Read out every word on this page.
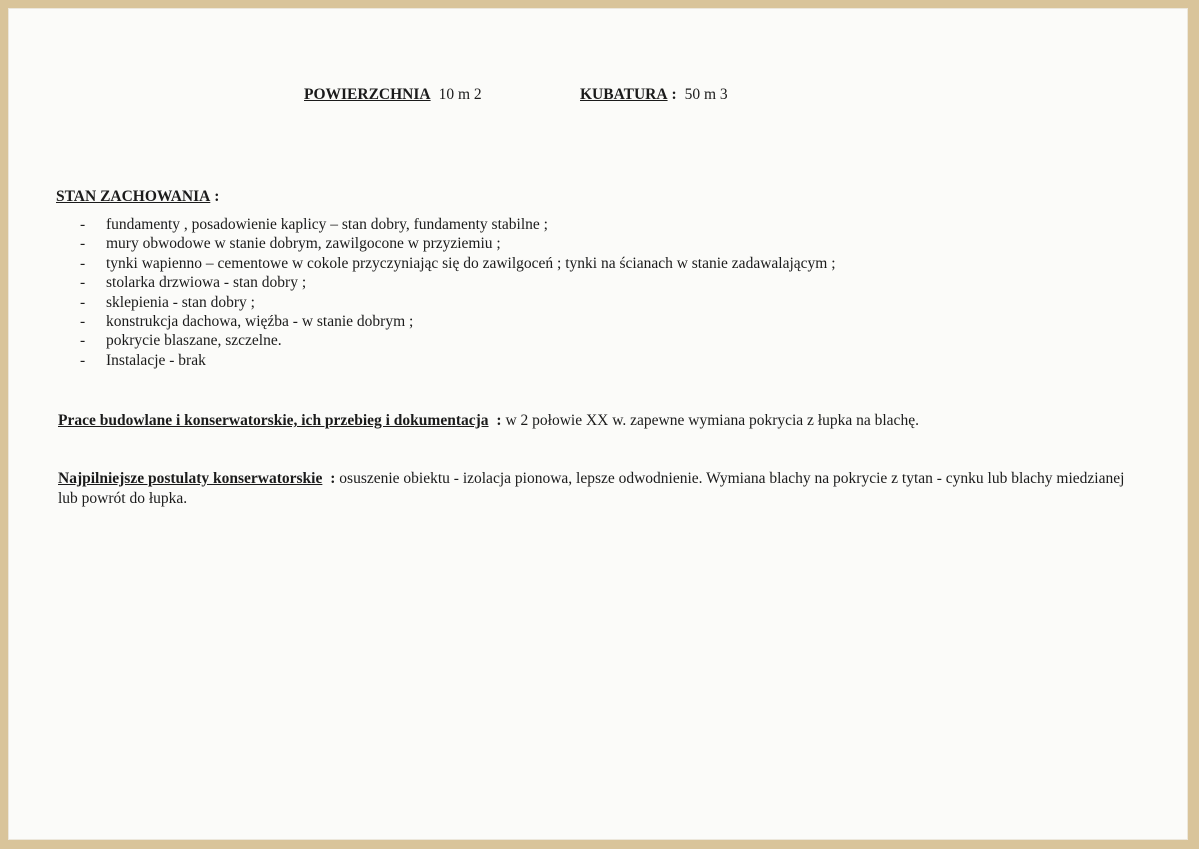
POWIERZCHNIA 10 m 2	KUBATURA : 50 m 3
STAN ZACHOWANIA :
-	fundamenty , posadowienie kaplicy – stan dobry, fundamenty stabilne ;
-	mury obwodowe w stanie dobrym, zawilgocone w przyziemiu ;
-	tynki wapienno – cementowe w cokole przyczyniając się do zawilgoceń ; tynki na ścianach w stanie zadawalającym ;
-	stolarka drzwiowa - stan dobry ;
-	sklepienia - stan dobry ;
-	konstrukcja dachowa, więźba - w stanie dobrym ;
-	pokrycie blaszane, szczelne.
-	Instalacje - brak
Prace budowlane i konserwatorskie, ich przebieg i dokumentacja : w 2 połowie XX w. zapewne wymiana pokrycia z łupka na blachę.
Najpilniejsze postulaty konserwatorskie : osuszenie obiektu - izolacja pionowa, lepsze odwodnienie. Wymiana blachy na pokrycie z tytan - cynku lub blachy miedzianej lub powrót do łupka.
